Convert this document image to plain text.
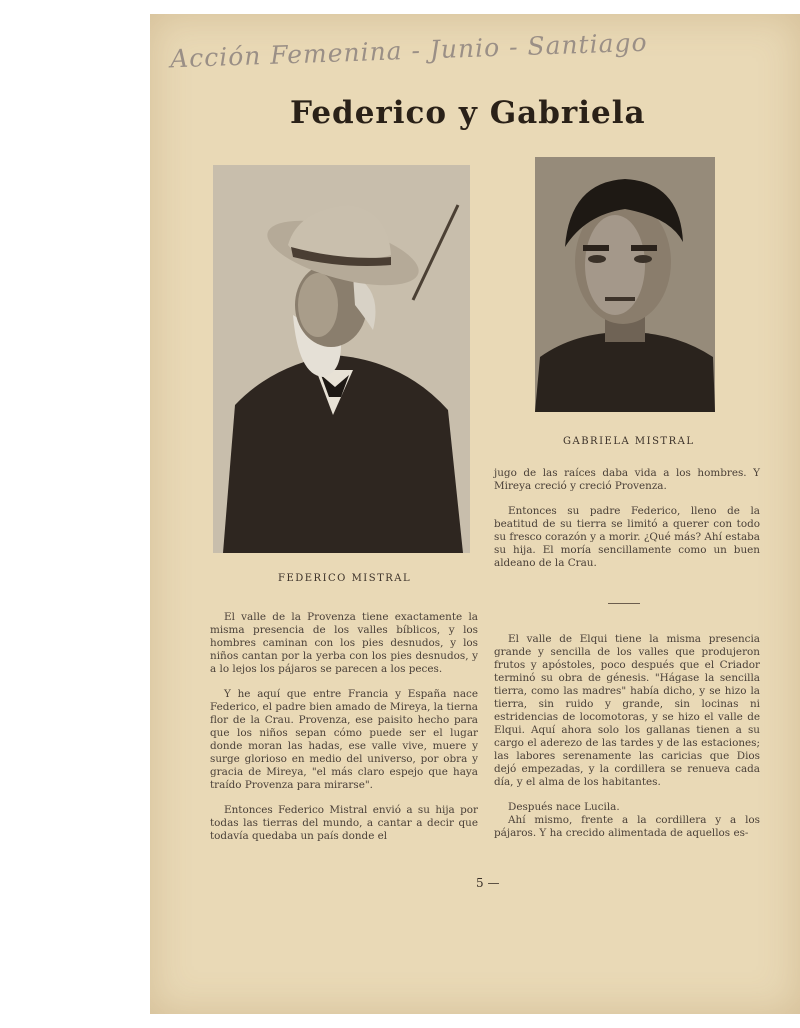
Acción Femenina - Junio - Santiago
Federico y Gabriela
FEDERICO MISTRAL
GABRIELA MISTRAL

El valle de la Provenza tiene exactamente la misma presencia de los valles bíblicos, y los hombres caminan con los pies desnudos, y los niños cantan por la yerba con los pies desnudos, y a lo lejos los pájaros se parecen a los peces.

Y he aquí que entre Francia y España nace Federico, el padre bien amado de Mireya, la tierna flor de la Crau. Provenza, ese paisito hecho para que los niños sepan cómo puede ser el lugar donde moran las hadas, ese valle vive, muere y surge glorioso en medio del universo, por obra y gracia de Mireya, "el más claro espejo que haya traído Provenza para mirarse".

Entonces Federico Mistral envió a su hija por todas las tierras del mundo, a cantar a decir que todavía quedaba un país donde el

jugo de las raíces daba vida a los hombres. Y Mireya creció y creció Provenza.

Entonces su padre Federico, lleno de la beatitud de su tierra se limitó a querer con todo su fresco corazón y a morir. ¿Qué más? Ahí estaba su hija. El moría sencillamente como un buen aldeano de la Crau.

El valle de Elqui tiene la misma presencia grande y sencilla de los valles que produjeron frutos y apóstoles, poco después que el Criador terminó su obra de génesis. "Hágase la sencilla tierra, como las madres" había dicho, y se hizo la tierra, sin ruido y grande, sin locinas ni estridencias de locomotoras, y se hizo el valle de Elqui. Aquí ahora solo los gallanas tienen a su cargo el aderezo de las tardes y de las estaciones; las labores serenamente las caricias que Dios dejó empezadas, y la cordillera se renueva cada día, y el alma de los habitantes.

Después nace Lucila.

Ahí mismo, frente a la cordillera y a los pájaros. Y ha crecido alimentada de aquellos es-

5 —
